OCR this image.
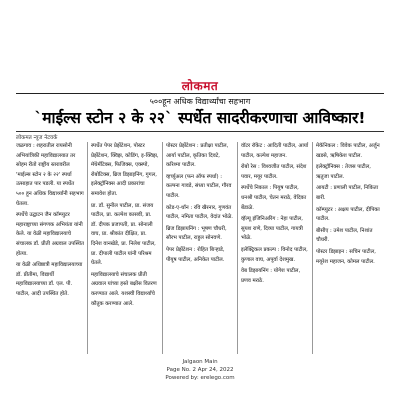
लोकमत
५००हून अधिक विद्यार्थ्यांचा सहभाग
`माईल्स स्टोन २ के २२` स्पर्धेत सादरीकरणाचा आविष्कार!
लोकमत न्यूज नेटवर्क

जळगाव : शहरातील रायसोनी अभियांत्रिकी महाविद्यालयात तर सोहम रीतो राष्ट्रीय स्तरावरील 'माईल्स स्टोन २ के २२' स्पर्धा उत्साहात पार पडली. या स्पर्धेत ५०० हून अधिक विद्यार्थ्यांनी सहभाग घेतला.

स्पर्धेचे उद्घाटन जैन कॉम्प्युटर महाराष्ट्राच्या संगणक अभियंता यांनी केले. या वेळी महाविद्यालयाचे संचालक डॉ. प्रीती अग्रवाल उपस्थित होत्या.

या वेळी अधिष्ठात्री महाविद्यालयाच्या डॉ. प्रीतीमा, विद्यार्थी महाविद्यालयाच्या डॉ. एल. पी. पाटील, आदी उपस्थित होते.

स्पर्धेत पेपर प्रेझेंटेशन, पोस्टर प्रेझेंटेशन, क्विझ, कोडिंग, इ-क्विझ, मॅथेमॅटिक्स, फिजिक्स, एक्स्पो, रोबोटिक्स, ब्रिज डिझाइनिंग, गुगल, इलेक्ट्रॉनिक्स आदी प्रकारांचा समावेश होता.

प्रा. डॉ. सुनील पाटील, प्रा. संजय पाटील, प्रा. कल्पेश कासवी, प्रा. डॉ. दीपक प्रजापती, प्रा. सोनाली वाघ, प्रा. श्रीकांत दीक्षित, प्रा. दिनेश वानखेडे, प्रा. निलेश पाटील, प्रा. दीपाली पाटील यांनी परिश्रम घेतले.

महाविद्यालयाचे संचालक प्रीती अग्रवाल यांच्या हस्ते बक्षीस वितरण करण्यात आले. यशस्वी विद्यार्थ्यांचे कौतुक करण्यात आले.

पोस्टर प्रेझेंटेशन : प्रतीक्षा पाटील, आर्या पाटील, कृतिका दिवटे, करिश्मा पाटील.

व्हर्च्युअल (फन ऑफ स्पर्धा) : कल्पना गावडे, संध्या पाटील, गौरव पाटील.

कोड-ए-थॉन : रवि खैरनार, गुणवंत पाटील, नमिता पाटील, वेदांत भोळे.

ब्रिज डिझायनिंग : भूषण चौधरी, सौरभ पाटील, राहुल सोनवणे.

पेपर प्रेझेंटेशन : रोहित बिऱ्हाडे, पीयूष पाटील, अनिकेत पाटील.

वॉटर रॉकेट : आदिती पाटील, आर्या पाटील, कल्पेश महाजन.

रोबो रेस : विश्वजीत पाटील, संदेश पवार, मयूर पाटील.

स्पर्धेचे निकाल : पियुष पाटील, धनश्री पाटील, चेतन मराठे, वेदिका बेंडाळे.

व्हॅल्यू इंजिनिअरिंग : नेहा पाटील, सुयश राणे, दिव्या पाटील, गायत्री भोळे.

इलेक्ट्रिकल प्रकल्प : विनोद पाटील, कुणाल वाघ, अपूर्वा देशमुख.

वेब डिझायनिंग : योगेश पाटील, प्रणव मराठे.

मेकॅनिकल : विवेक पाटील, अर्जुन खडसे, ऋषिकेश पाटील.

इलेक्ट्रॉनिक्स : तेजस पाटील, ऋतुजा पाटील.

आयटी : प्रणाली पाटील, निकिता बारी.

कॉम्प्युटर : अक्षय पाटील, दीपिका पाटील.

बीसीए : उमेश पाटील, निशांत चौधरी.

पोस्टर डिझाइन : सचिन पाटील, मयूरेश महाजन, कोमल पाटील.

Jalgaon Main
Page No. 2 Apr 24, 2022
Powered by: erelego.com
